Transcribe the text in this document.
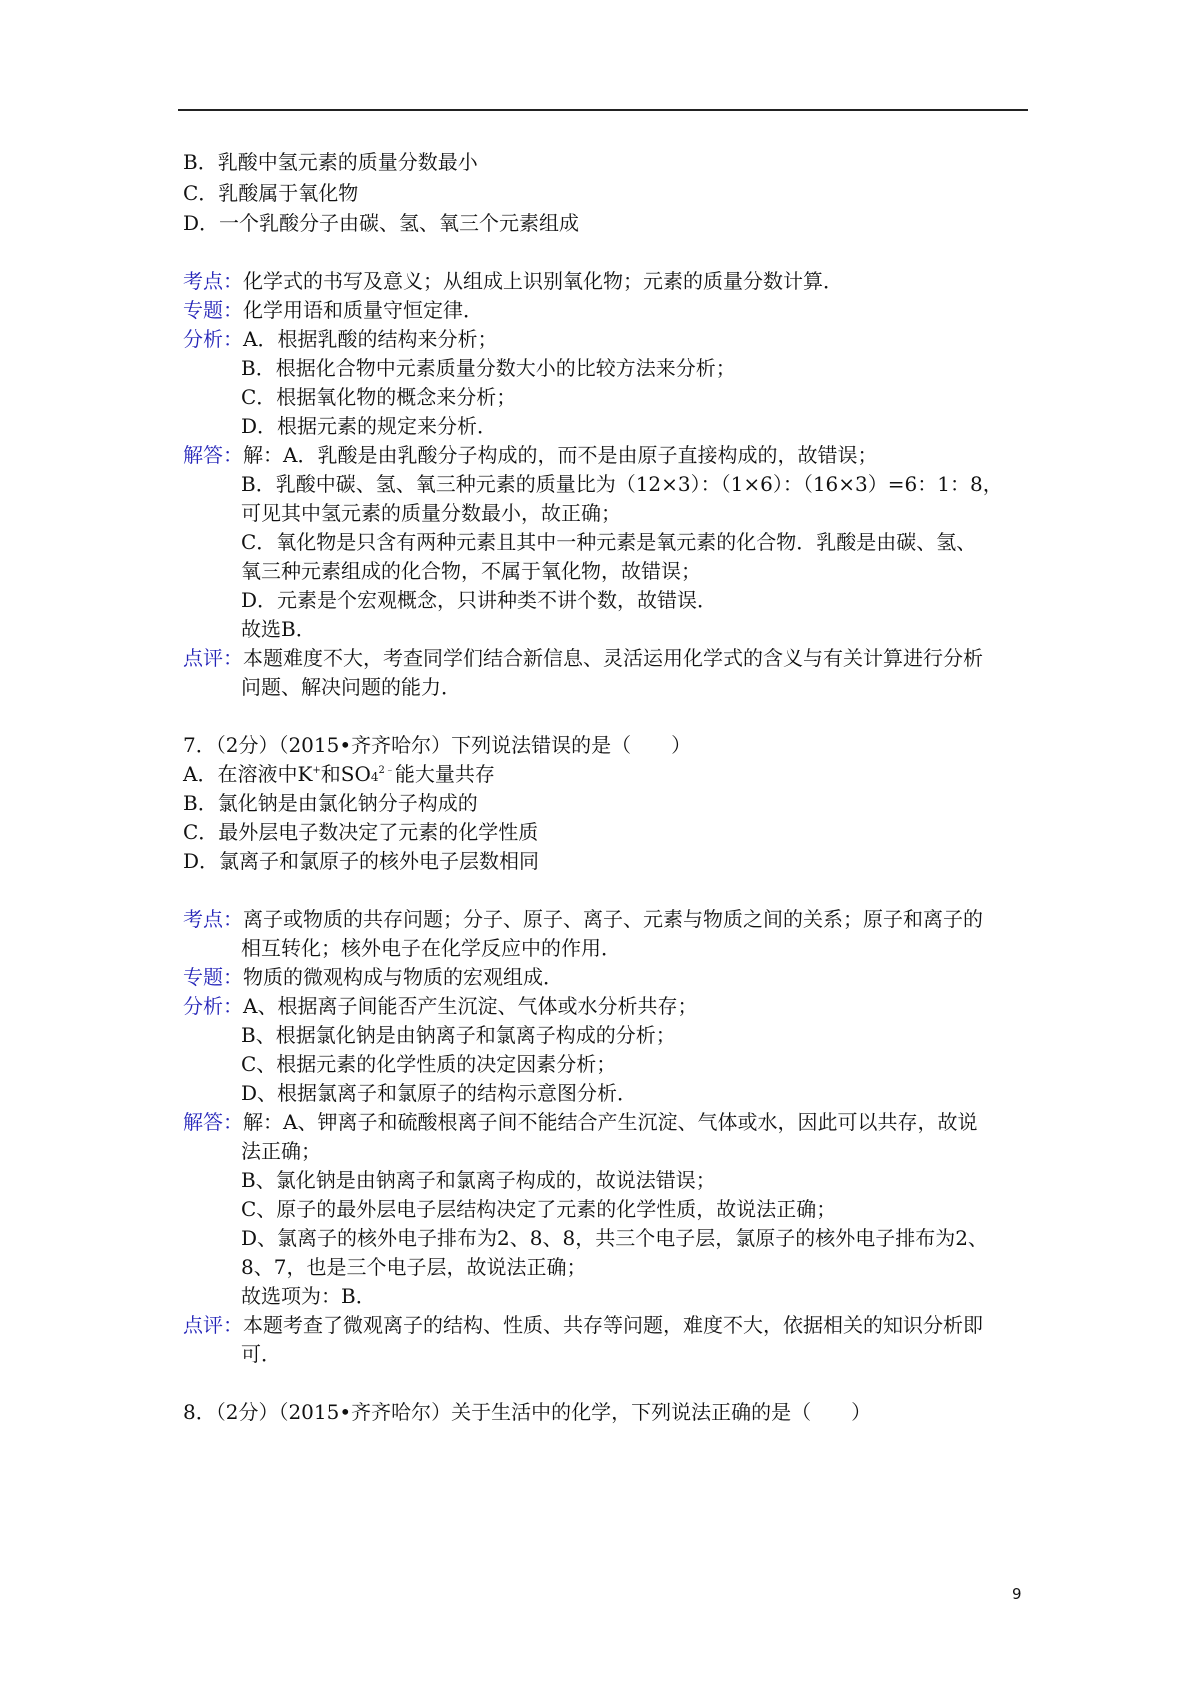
B．乳酸中氢元素的质量分数最小
C．乳酸属于氧化物
D．一个乳酸分子由碳、氢、氧三个元素组成
考点：化学式的书写及意义；从组成上识别氧化物；元素的质量分数计算．
专题：化学用语和质量守恒定律．
分析：A．根据乳酸的结构来分析；
B．根据化合物中元素质量分数大小的比较方法来分析；
C．根据氧化物的概念来分析；
D．根据元素的规定来分析．
解答：解：A．乳酸是由乳酸分子构成的，而不是由原子直接构成的，故错误；
B．乳酸中碳、氢、氧三种元素的质量比为（12×3）：（1×6）：（16×3）=6：1：8，
可见其中氢元素的质量分数最小，故正确；
C．氧化物是只含有两种元素且其中一种元素是氧元素的化合物．乳酸是由碳、氢、
氧三种元素组成的化合物，不属于氧化物，故错误；
D．元素是个宏观概念，只讲种类不讲个数，故错误．
故选B．
点评：本题难度不大，考查同学们结合新信息、灵活运用化学式的含义与有关计算进行分析
问题、解决问题的能力．
7．（2分）（2015•齐齐哈尔）下列说法错误的是（　　）
A．在溶液中K+和$SO4^{2﹣}$能大量共存
B．氯化钠是由氯化钠分子构成的
C．最外层电子数决定了元素的化学性质
D．氯离子和氯原子的核外电子层数相同
考点：离子或物质的共存问题；分子、原子、离子、元素与物质之间的关系；原子和离子的
相互转化；核外电子在化学反应中的作用．
专题：物质的微观构成与物质的宏观组成．
分析：A、根据离子间能否产生沉淀、气体或水分析共存；
B、根据氯化钠是由钠离子和氯离子构成的分析；
C、根据元素的化学性质的决定因素分析；
D、根据氯离子和氯原子的结构示意图分析．
解答：解：A、钾离子和硫酸根离子间不能结合产生沉淀、气体或水，因此可以共存，故说
法正确；
B、氯化钠是由钠离子和氯离子构成的，故说法错误；
C、原子的最外层电子层结构决定了元素的化学性质，故说法正确；
D、氯离子的核外电子排布为2、8、8，共三个电子层，氯原子的核外电子排布为2、
8、7，也是三个电子层，故说法正确；
故选项为：B．
点评：本题考查了微观离子的结构、性质、共存等问题，难度不大，依据相关的知识分析即
可．
8．（2分）（2015•齐齐哈尔）关于生活中的化学，下列说法正确的是（　　）
9
